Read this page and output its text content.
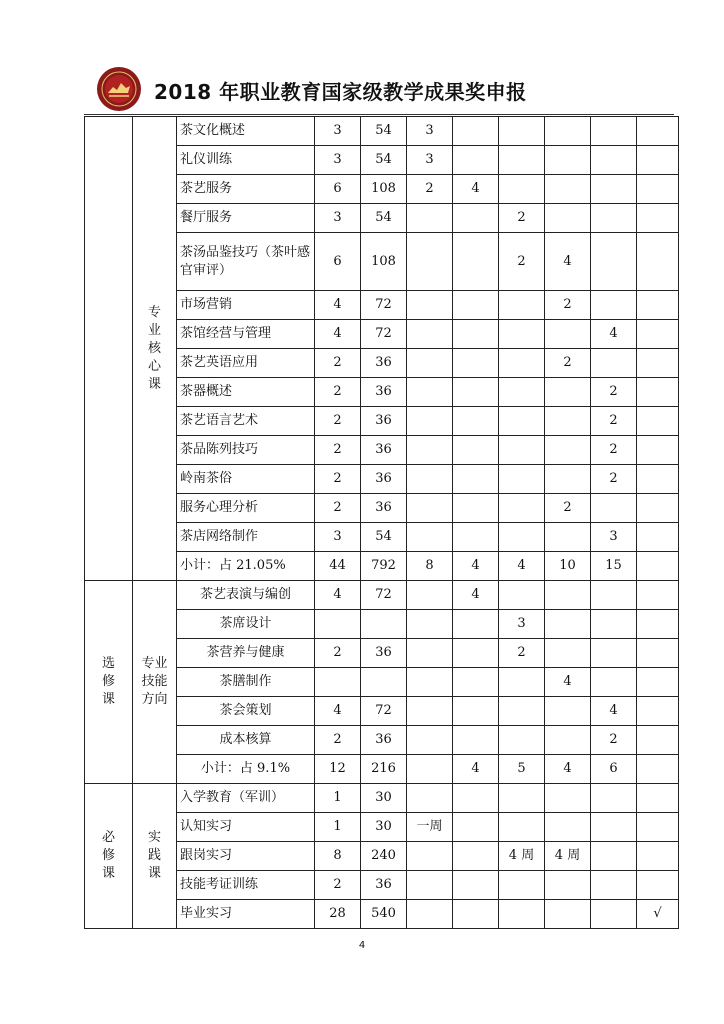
2018 年职业教育国家级教学成果奖申报
	专
业
核
心
课	茶文化概述	3	54	3					
		礼仪训练	3	54	3					
		茶艺服务	6	108	2	4				
		餐厅服务	3	54			2			
		茶汤品鉴技巧（茶叶感官审评）	6	108			2	4		
		市场营销	4	72				2		
		茶馆经营与管理	4	72					4	
		茶艺英语应用	2	36				2		
		茶器概述	2	36					2	
		茶艺语言艺术	2	36					2	
		茶品陈列技巧	2	36					2	
		岭南茶俗	2	36					2	
		服务心理分析	2	36				2		
		茶店网络制作	3	54					3	
		小计：占 21.05%	44	792	8	4	4	10	15	
选
修
课	专业
技能
方向	茶艺表演与编创	4	72		4				
		茶席设计					3			
		茶营养与健康	2	36			2			
		茶膳制作						4		
		茶会策划	4	72					4	
		成本核算	2	36					2	
		小计：占 9.1%	12	216		4	5	4	6	
必
修
课	实
践
课	入学教育（军训）	1	30						
		认知实习	1	30	一周					
		跟岗实习	8	240			4 周	4 周		
		技能考证训练	2	36						
		毕业实习	28	540						√
4
